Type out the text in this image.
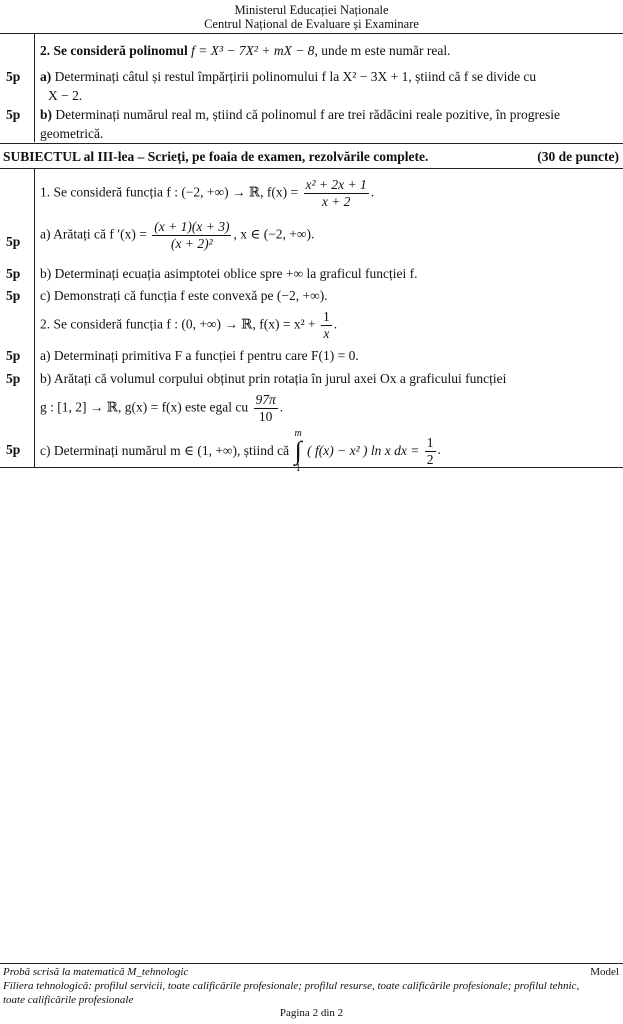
Ministerul Educației Naționale
Centrul Național de Evaluare și Examinare
2. Se consideră polinomul f = X³ − 7X² + mX − 8, unde m este număr real.
5p a) Determinați câtul și restul împărțirii polinomului f la X² − 3X + 1, știind că f se divide cu
X − 2.
5p b) Determinați numărul real m, știind că polinomul f are trei rădăcini reale pozitive, în progresie
geometrică.
SUBIECTUL al III-lea – Scrieți, pe foaia de examen, rezolvările complete.	(30 de puncte)
1. Se consideră funcția f : (−2, +∞) → ℝ, $f(x) = \frac{\text{x² + 2x + 1}}{x + 2}$ .
5p a) Arătați că f $'(x) = \frac{(x + 1)(x + 3)}{\text{(x + 2)²}}$ , x ∈ (−2, +∞).
5p b) Determinați ecuația asimptotei oblice spre +∞ la graficul funcției f.
5p c) Demonstrați că funcția f este convexă pe (−2, +∞).
2. Se consideră funcția f : (0, +∞) → ℝ, $f(x) = x^2 + \frac{1}{x}$ .
5p a) Determinați primitiva F a funcției f pentru care F(1) = 0.
5p b) Arătați că volumul corpului obținut prin rotația în jurul axei Ox a graficului funcției
g : [1, 2] → ℝ, g(x) = f(x) este egal cu $\frac{97\pi}{10}$ .
5p c) Determinați numărul m ∈ (1, +∞), știind că
m
∫
1
( f(x) − x² ) ln x dx = $\frac{1}{2}$ .
Probă scrisă la matematică M_tehnologic	Model
Filiera tehnologică: profilul servicii, toate calificările profesionale; profilul resurse, toate calificările profesionale; profilul tehnic,
toate calificările profesionale
Pagina 2 din 2
